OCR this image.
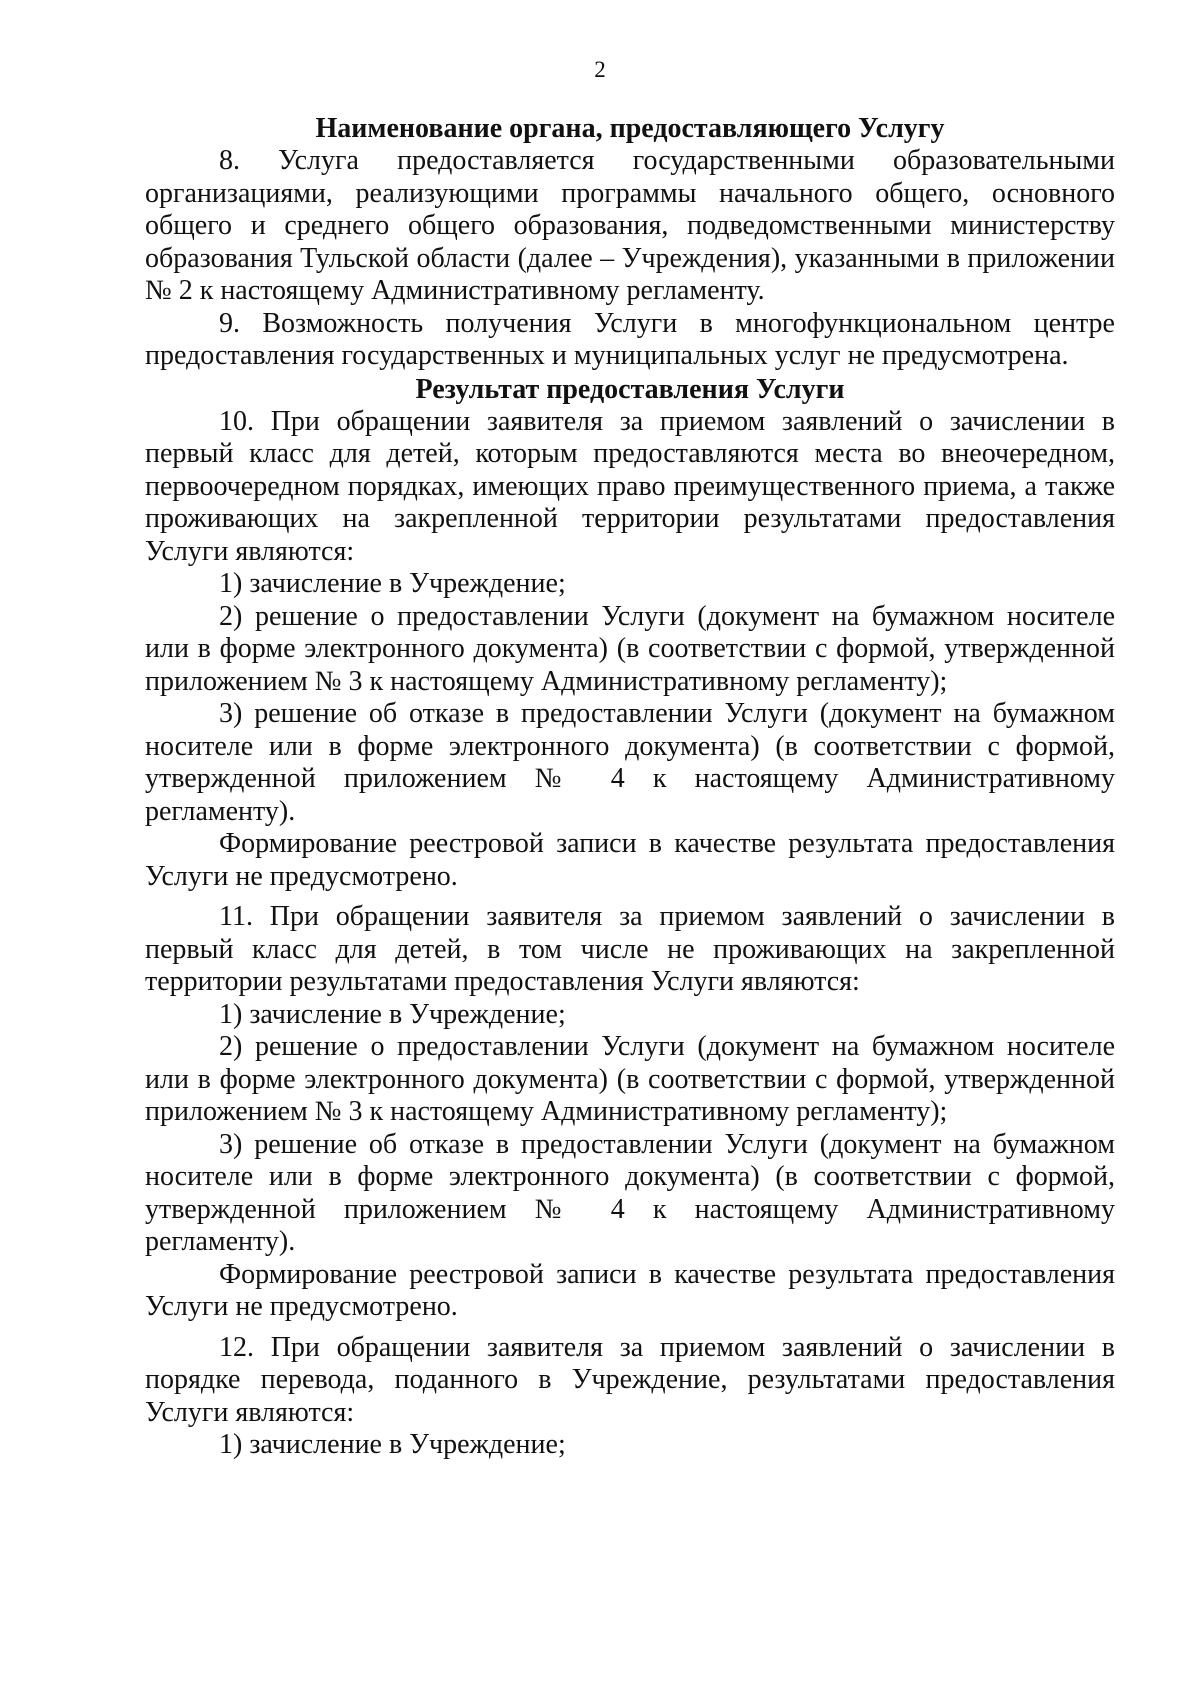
2
Наименование органа, предоставляющего Услугу

8. Услуга предоставляется государственными образовательными организациями, реализующими программы начального общего, основного общего и среднего общего образования, подведомственными министерству образования Тульской области (далее – Учреждения), указанными в приложении № 2 к настоящему Административному регламенту.

9. Возможность получения Услуги в многофункциональном центре предоставления государственных и муниципальных услуг не предусмотрена.

Результат предоставления Услуги

10. При обращении заявителя за приемом заявлений о зачислении в первый класс для детей, которым предоставляются места во внеочередном, первоочередном порядках, имеющих право преимущественного приема, а также проживающих на закрепленной территории результатами предоставления Услуги являются:

1) зачисление в Учреждение;

2) решение о предоставлении Услуги (документ на бумажном носителе или в форме электронного документа) (в соответствии с формой, утвержденной приложением № 3 к настоящему Административному регламенту);

3) решение об отказе в предоставлении Услуги (документ на бумажном носителе или в форме электронного документа) (в соответствии с формой, утвержденной приложением № 4 к настоящему Административному регламенту).

Формирование реестровой записи в качестве результата предоставления Услуги не предусмотрено.

11. При обращении заявителя за приемом заявлений о зачислении в первый класс для детей, в том числе не проживающих на закрепленной территории результатами предоставления Услуги являются:

1) зачисление в Учреждение;

2) решение о предоставлении Услуги (документ на бумажном носителе или в форме электронного документа) (в соответствии с формой, утвержденной приложением № 3 к настоящему Административному регламенту);

3) решение об отказе в предоставлении Услуги (документ на бумажном носителе или в форме электронного документа) (в соответствии с формой, утвержденной приложением № 4 к настоящему Административному регламенту).

Формирование реестровой записи в качестве результата предоставления Услуги не предусмотрено.

12. При обращении заявителя за приемом заявлений о зачислении в порядке перевода, поданного в Учреждение, результатами предоставления Услуги являются:

1) зачисление в Учреждение;
